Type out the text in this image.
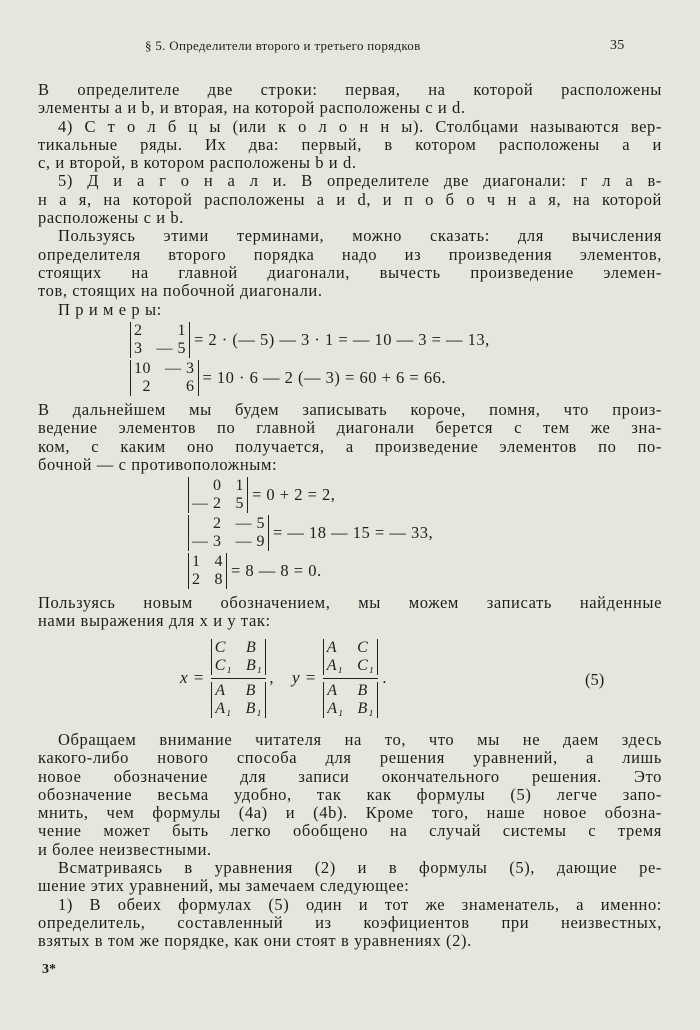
§ 5. Определители второго и третьего порядков	35
В определителе две строки: первая, на которой расположены
элементы a и b, и вторая, на которой расположены c и d.
4) С т о л б ц ы (или к о л о н н ы). Столбцами называются вер-
тикальные ряды. Их два: первый, в котором расположены a и
c, и второй, в котором расположены b и d.
5) Д и а г о н а л и. В определителе две диагонали: г л а в-
н а я, на которой расположены a и d, и п о б о ч н а я, на которой
расположены c и b.
Пользуясь этими терминами, можно сказать: для вычисления
определителя второго порядка надо из произведения элементов,
стоящих на главной диагонали, вычесть произведение элемен-
тов, стоящих на побочной диагонали.
П р и м е р ы:
2	1
3 — 5 = 2 · (— 5) — 3 · 1 = — 10 — 3 = — 13,
10 — 3
2	6 = 10 · 6 — 2 (— 3) = 60 + 6 = 66.
В дальнейшем мы будем записывать короче, помня, что произ-
ведение элементов по главной диагонали берется с тем же зна-
ком, с каким оно получается, а произведение элементов по по-
бочной — с противоположным:
0 1
— 2 5 = 0 + 2 = 2,
2 — 5
— 3 — 9 = — 18 — 15 = — 33,
1 4
2 8 = 8 — 8 = 0.
Пользуясь новым обозначением, мы можем записать найденные
нами выражения для x и y так:
x = C	B
C₁ B₁
A	B
A₁ B₁ , y = A	C
A₁ C₁
A	B
A₁ B₁ .	(5)
Обращаем внимание читателя на то, что мы не даем здесь
какого-либо нового способа для решения уравнений, а лишь
новое обозначение для записи окончательного решения. Это
обозначение весьма удобно, так как формулы (5) легче запо-
мнить, чем формулы (4a) и (4b). Кроме того, наше новое обозна-
чение может быть легко обобщено на случай системы с тремя
и более неизвестными.
Всматриваясь в уравнения (2) и в формулы (5), дающие ре-
шение этих уравнений, мы замечаем следующее:
1) В обеих формулах (5) один и тот же знаменатель, а именно:
определитель, составленный из коэфициентов при неизвестных,
взятых в том же порядке, как они стоят в уравнениях (2).
3*
